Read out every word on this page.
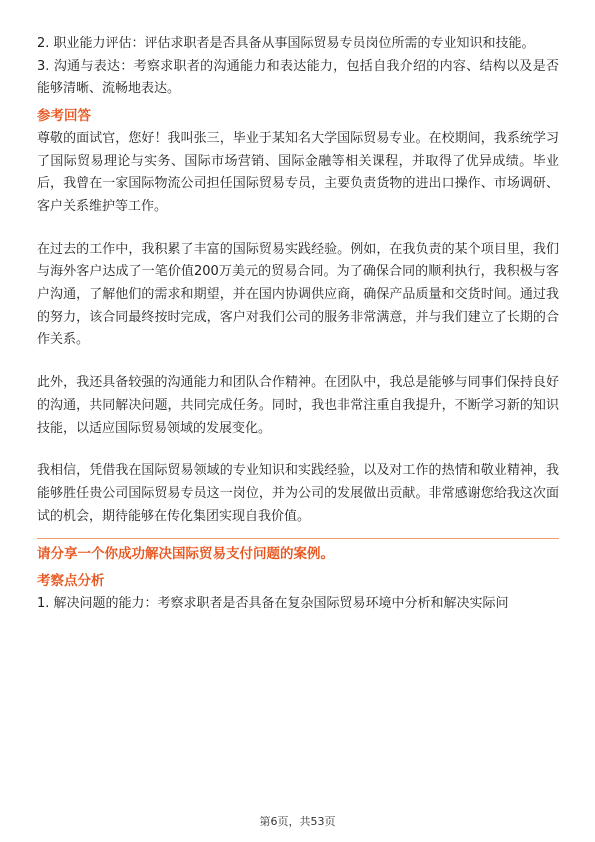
2. 职业能力评估：评估求职者是否具备从事国际贸易专员岗位所需的专业知识和技能。

3. 沟通与表达：考察求职者的沟通能力和表达能力，包括自我介绍的内容、结构以及是否能够清晰、流畅地表达。

参考回答

尊敬的面试官，您好！我叫张三，毕业于某知名大学国际贸易专业。在校期间，我系统学习了国际贸易理论与实务、国际市场营销、国际金融等相关课程，并取得了优异成绩。毕业后，我曾在一家国际物流公司担任国际贸易专员，主要负责货物的进出口操作、市场调研、客户关系维护等工作。

在过去的工作中，我积累了丰富的国际贸易实践经验。例如，在我负责的某个项目里，我们与海外客户达成了一笔价值200万美元的贸易合同。为了确保合同的顺利执行，我积极与客户沟通，了解他们的需求和期望，并在国内协调供应商，确保产品质量和交货时间。通过我的努力，该合同最终按时完成，客户对我们公司的服务非常满意，并与我们建立了长期的合作关系。

此外，我还具备较强的沟通能力和团队合作精神。在团队中，我总是能够与同事们保持良好的沟通，共同解决问题，共同完成任务。同时，我也非常注重自我提升，不断学习新的知识技能，以适应国际贸易领域的发展变化。

我相信，凭借我在国际贸易领域的专业知识和实践经验，以及对工作的热情和敬业精神，我能够胜任贵公司国际贸易专员这一岗位，并为公司的发展做出贡献。非常感谢您给我这次面试的机会，期待能够在传化集团实现自我价值。

请分享一个你成功解决国际贸易支付问题的案例。

考察点分析

1. 解决问题的能力：考察求职者是否具备在复杂国际贸易环境中分析和解决实际问

第6页，共53页
